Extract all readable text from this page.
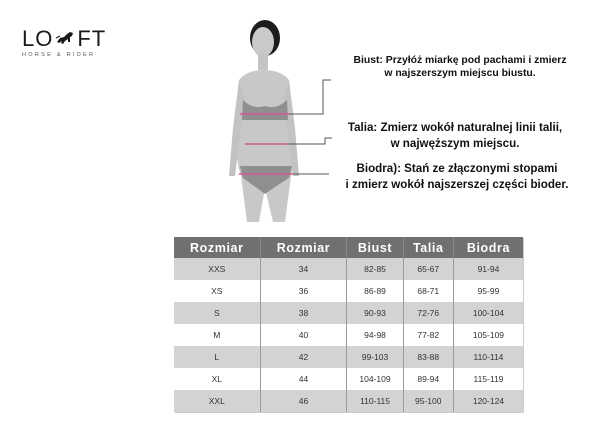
LO FT
HORSE & RIDER	Biust: Przyłóż miarkę pod pachami i zmierz
w najszerszym miejscu biustu.
Talia: Zmierz wokół naturalnej linii talii,
w najwęższym miejscu.
Biodra): Stań ze złączonymi stopami
i zmierz wokół najszerszej części bioder.
Rozmiar	Rozmiar	Biust	Talia	Biodra
XXS	34	82-85	65-67	91-94
XS	36	86-89	68-71	95-99
S	38	90-93	72-76	100-104
M	40	94-98	77-82	105-109
L	42	99-103	83-88	110-114
XL	44	104-109	89-94	115-119
XXL	46	110-115	95-100	120-124
